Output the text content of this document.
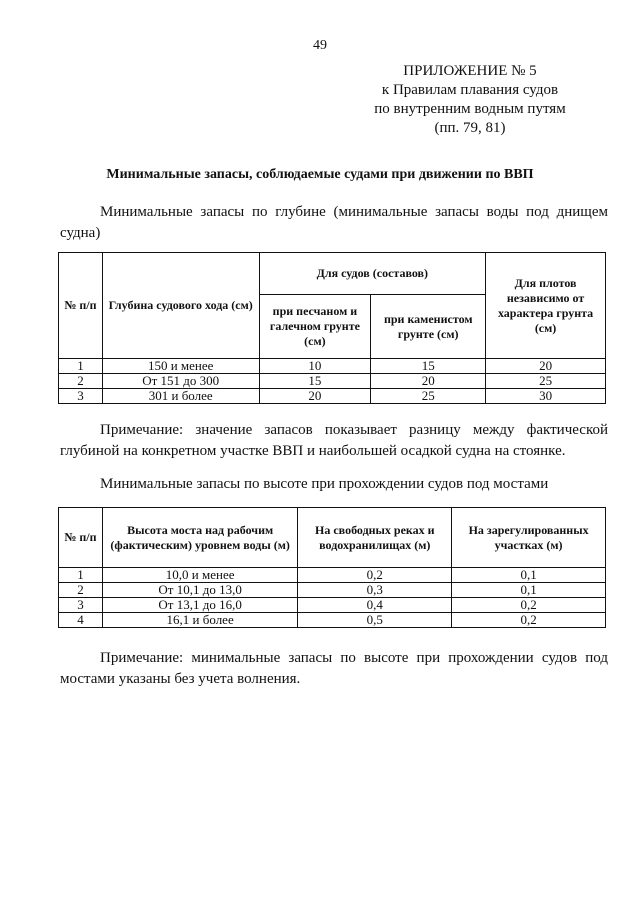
49
ПРИЛОЖЕНИЕ № 5
к Правилам плавания судов
по внутренним водным путям
(пп. 79, 81)
Минимальные запасы, соблюдаемые судами при движении по ВВП
Минимальные запасы по глубине (минимальные запасы воды под днищем судна)
№ п/п	Глубина судового хода (см)	Для судов (составов)		Для плотов независимо от характера грунта (см)
		при песчаном и галечном грунте (см)	при каменистом грунте (см)	
1	150 и менее	10	15	20
2	От 151 до 300	15	20	25
3	301 и более	20	25	30
Примечание: значение запасов показывает разницу между фактической глубиной на конкретном участке ВВП и наибольшей осадкой судна на стоянке.
Минимальные запасы по высоте при прохождении судов под мостами
№ п/п	Высота моста над рабочим (фактическим) уровнем воды (м)	На свободных реках и водохранилищах (м)	На зарегулированных участках (м)
1	10,0 и менее	0,2	0,1
2	От 10,1 до 13,0	0,3	0,1
3	От 13,1 до 16,0	0,4	0,2
4	16,1 и более	0,5	0,2
Примечание: минимальные запасы по высоте при прохождении судов под мостами указаны без учета волнения.
